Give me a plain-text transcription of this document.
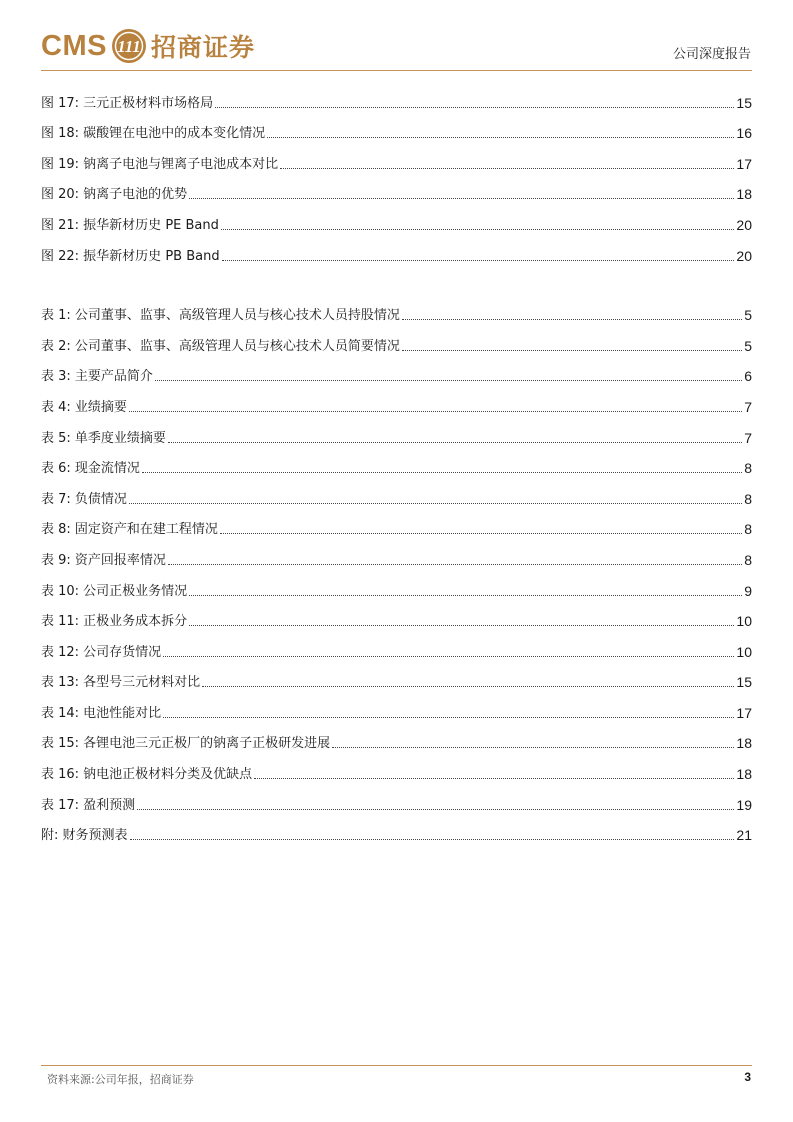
CMS 111 招商证券	公司深度报告
图 17: 三元正极材料市场格局	15
图 18: 碳酸锂在电池中的成本变化情况	16
图 19: 钠离子电池与锂离子电池成本对比	17
图 20: 钠离子电池的优势	18
图 21: 振华新材历史 PE Band	20
图 22: 振华新材历史 PB Band	20
表 1: 公司董事、监事、高级管理人员与核心技术人员持股情况	5
表 2: 公司董事、监事、高级管理人员与核心技术人员简要情况	5
表 3: 主要产品简介	6
表 4: 业绩摘要	7
表 5: 单季度业绩摘要	7
表 6: 现金流情况	8
表 7: 负债情况	8
表 8: 固定资产和在建工程情况	8
表 9: 资产回报率情况	8
表 10: 公司正极业务情况	9
表 11: 正极业务成本拆分	10
表 12: 公司存货情况	10
表 13: 各型号三元材料对比	15
表 14: 电池性能对比	17
表 15: 各锂电池三元正极厂的钠离子正极研发进展	18
表 16: 钠电池正极材料分类及优缺点	18
表 17: 盈利预测	19
附: 财务预测表	21
资料来源:公司年报，招商证券	3
